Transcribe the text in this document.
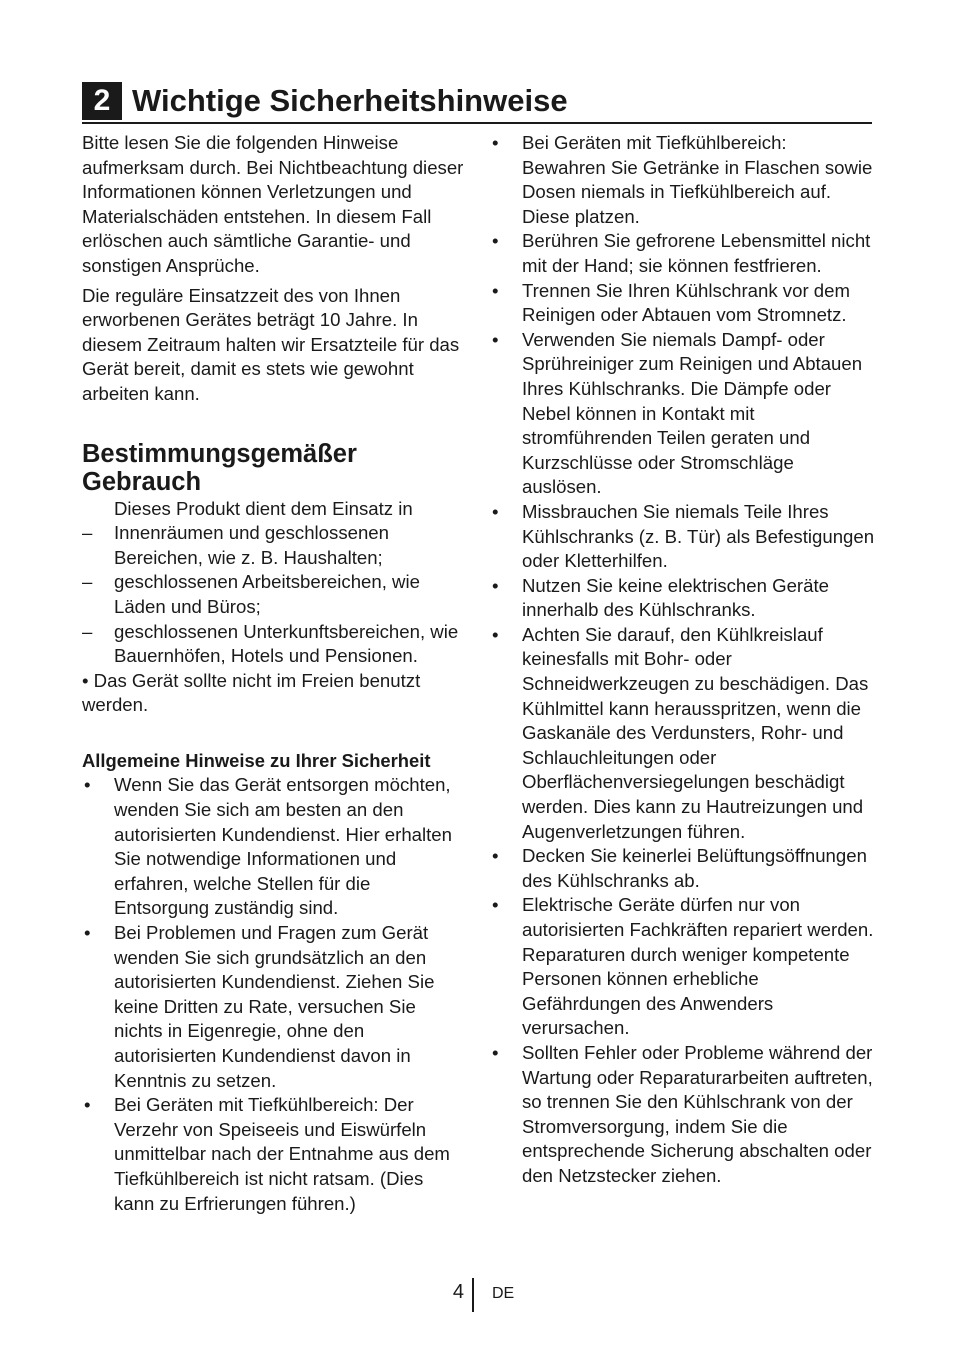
2 Wichtige Sicherheitshinweise

Bitte lesen Sie die folgenden Hinweise aufmerksam durch. Bei Nichtbeachtung dieser Informationen können Verletzungen und Materialschäden entstehen. In diesem Fall erlöschen auch sämtliche Garantie- und sonstigen Ansprüche.

Die reguläre Einsatzzeit des von Ihnen erworbenen Gerätes beträgt 10 Jahre. In diesem Zeitraum halten wir Ersatzteile für das Gerät bereit, damit es stets wie gewohnt arbeiten kann.

Bestimmungsgemäßer Gebrauch

Dieses Produkt dient dem Einsatz in

– Innenräumen und geschlossenen Bereichen, wie z. B. Haushalten;
– geschlossenen Arbeitsbereichen, wie Läden und Büros;
– geschlossenen Unterkunftsbereichen, wie Bauernhöfen, Hotels und Pensionen.

• Das Gerät sollte nicht im Freien benutzt werden.

Allgemeine Hinweise zu Ihrer Sicherheit
• Wenn Sie das Gerät entsorgen möchten, wenden Sie sich am besten an den autorisierten Kundendienst. Hier erhalten Sie notwendige Informationen und erfahren, welche Stellen für die Entsorgung zuständig sind.
• Bei Problemen und Fragen zum Gerät wenden Sie sich grundsätzlich an den autorisierten Kundendienst. Ziehen Sie keine Dritten zu Rate, versuchen Sie nichts in Eigenregie, ohne den autorisierten Kundendienst davon in Kenntnis zu setzen.
• Bei Geräten mit Tiefkühlbereich: Der Verzehr von Speiseeis und Eiswürfeln unmittelbar nach der Entnahme aus dem Tiefkühlbereich ist nicht ratsam. (Dies kann zu Erfrierungen führen.)
• Bei Geräten mit Tiefkühlbereich: Bewahren Sie Getränke in Flaschen sowie Dosen niemals in Tiefkühlbereich auf. Diese platzen.
• Berühren Sie gefrorene Lebensmittel nicht mit der Hand; sie können festfrieren.
• Trennen Sie Ihren Kühlschrank vor dem Reinigen oder Abtauen vom Stromnetz.
• Verwenden Sie niemals Dampf- oder Sprühreiniger zum Reinigen und Abtauen Ihres Kühlschranks. Die Dämpfe oder Nebel können in Kontakt mit stromführenden Teilen geraten und Kurzschlüsse oder Stromschläge auslösen.
• Missbrauchen Sie niemals Teile Ihres Kühlschranks (z. B. Tür) als Befestigungen oder Kletterhilfen.
• Nutzen Sie keine elektrischen Geräte innerhalb des Kühlschranks.
• Achten Sie darauf, den Kühlkreislauf keinesfalls mit Bohr- oder Schneidwerkzeugen zu beschädigen. Das Kühlmittel kann herausspritzen, wenn die Gaskanäle des Verdunsters, Rohr- und Schlauchleitungen oder Oberflächenversiegelungen beschädigt werden. Dies kann zu Hautreizungen und Augenverletzungen führen.
• Decken Sie keinerlei Belüftungsöffnungen des Kühlschranks ab.
• Elektrische Geräte dürfen nur von autorisierten Fachkräften repariert werden. Reparaturen durch weniger kompetente Personen können erhebliche Gefährdungen des Anwenders verursachen.
• Sollten Fehler oder Probleme während der Wartung oder Reparaturarbeiten auftreten, so trennen Sie den Kühlschrank von der Stromversorgung, indem Sie die entsprechende Sicherung abschalten oder den Netzstecker ziehen.
4 DE
